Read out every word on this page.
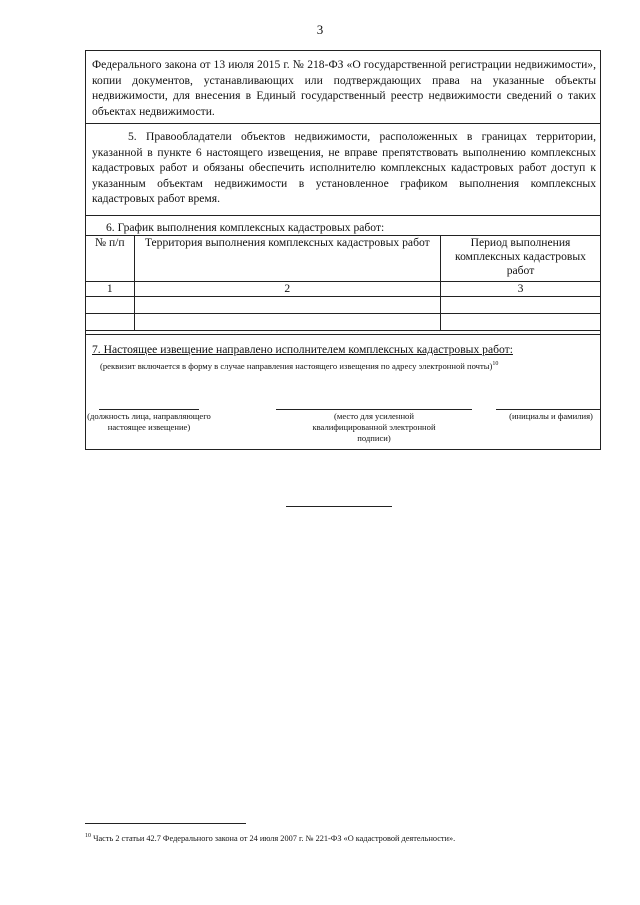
3

Федерального закона от 13 июля 2015 г. № 218-ФЗ «О государственной регистрации недвижимости», копии документов, устанавливающих или подтверждающих права на указанные объекты недвижимости, для внесения в Единый государственный реестр недвижимости сведений о таких объектах недвижимости.

5. Правообладатели объектов недвижимости, расположенных в границах территории, указанной в пункте 6 настоящего извещения, не вправе препятствовать выполнению комплексных кадастровых работ и обязаны обеспечить исполнителю комплексных кадастровых работ доступ к указанным объектам недвижимости в установленное графиком выполнения комплексных кадастровых работ время.

6. График выполнения комплексных кадастровых работ:
№ п/п	Территория выполнения комплексных кадастровых работ	Период выполнения комплексных кадастровых работ
1	2	3

7. Настоящее извещение направлено исполнителем комплексных кадастровых работ:
(реквизит включается в форму в случае направления настоящего извещения по адресу электронной почты)$^{10}$
(должность лица, направляющего настоящее извещение)
(место для усиленной квалифицированной электронной подписи)
(инициалы и фамилия)
$^{10}$ Часть 2 статьи 42.7 Федерального закона от 24 июля 2007 г. № 221-ФЗ «О кадастровой деятельности».
